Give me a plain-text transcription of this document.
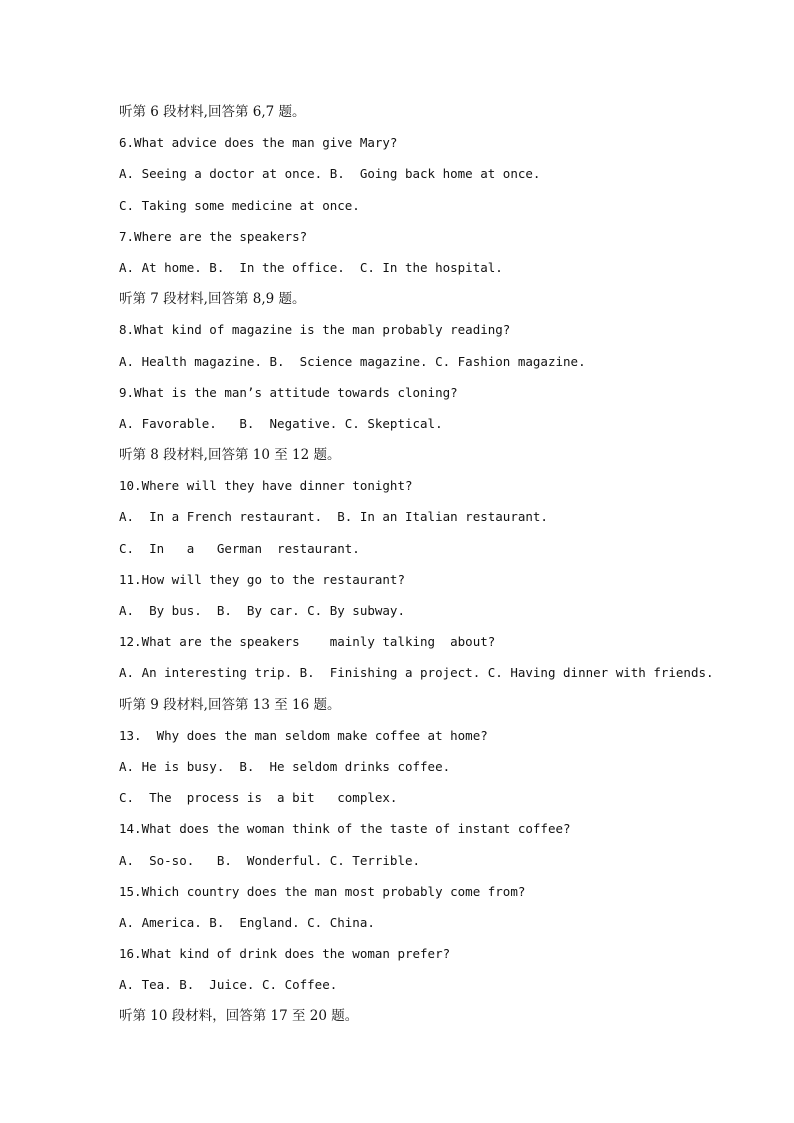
听第 6 段材料,回答第 6,7 题。
6.What advice does the man give Mary?
A. Seeing a doctor at once. B.  Going back home at once.
C. Taking some medicine at once.
7.Where are the speakers?
A. At home. B.  In the office.  C. In the hospital.
听第 7 段材料,回答第 8,9 题。
8.What kind of magazine is the man probably reading?
A. Health magazine. B.  Science magazine. C. Fashion magazine.
9.What is the man’s attitude towards cloning?
A. Favorable.   B.  Negative. C. Skeptical.
听第 8 段材料,回答第 10 至 12 题。
10.Where will they have dinner tonight?
A.  In a French restaurant.  B. In an Italian restaurant.
C.  In   a   German  restaurant.
11.How will they go to the restaurant?
A.  By bus.  B.  By car. C. By subway.
12.What are the speakers    mainly talking  about?
A. An interesting trip. B.  Finishing a project. C. Having dinner with friends.
听第 9 段材料,回答第 13 至 16 题。
13.  Why does the man seldom make coffee at home?
A. He is busy.  B.  He seldom drinks coffee.
C.  The  process is  a bit   complex.
14.What does the woman think of the taste of instant coffee?
A.  So-so.   B.  Wonderful. C. Terrible.
15.Which country does the man most probably come from?
A. America. B.  England. C. China.
16.What kind of drink does the woman prefer?
A. Tea. B.  Juice. C. Coffee.
听第 10 段材料，回答第 17 至 20 题。
